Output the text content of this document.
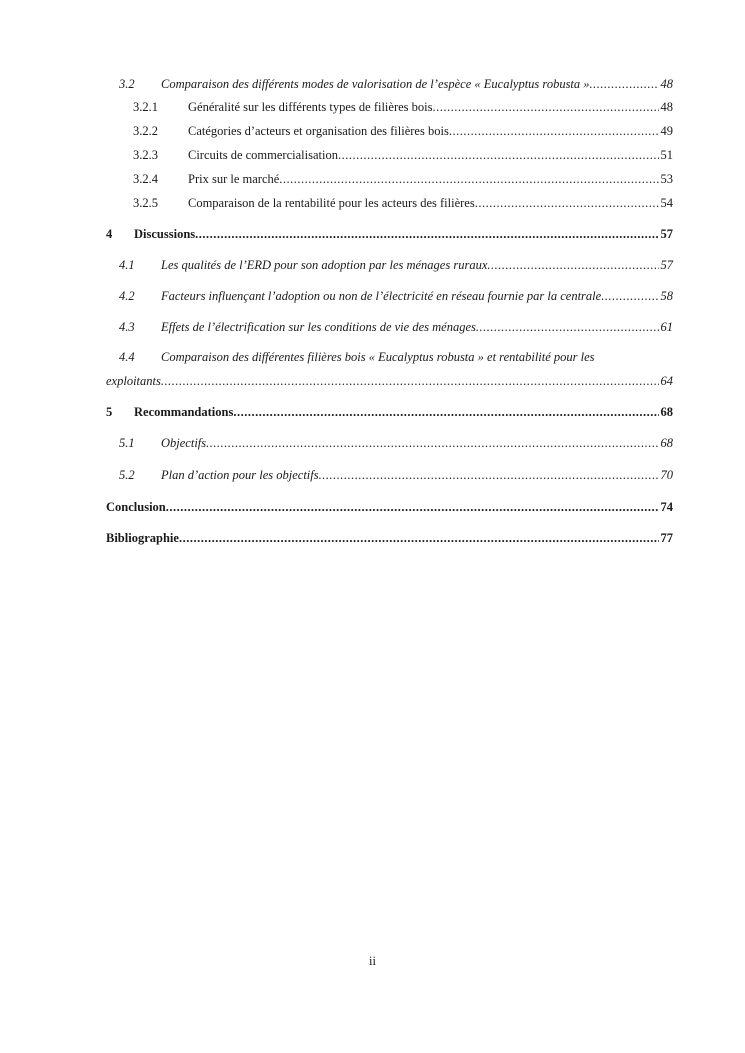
3.2	Comparaison des différents modes de valorisation de l’espèce « Eucalyptus robusta » .....	48
3.2.1	Généralité sur les différents types de filières bois .....	48
3.2.2	Catégories d’acteurs et organisation des filières bois .....	49
3.2.3	Circuits de commercialisation .....	51
3.2.4	Prix sur le marché .....	53
3.2.5	Comparaison de la rentabilité pour les acteurs des filières .....	54
4	Discussions .....	57
4.1	Les qualités de l’ERD pour son adoption par les ménages ruraux .....	57
4.2	Facteurs influençant l’adoption ou non de l’électricité en réseau fournie par la centrale .....	58
4.3	Effets de l’électrification sur les conditions de vie des ménages .....	61
4.4 Comparaison des différentes filières bois « Eucalyptus robusta » et rentabilité pour les
exploitants .....	64
5	Recommandations .....	68
5.1	Objectifs .....	68
5.2	Plan d’action pour les objectifs .....	70
Conclusion .....	74
Bibliographie .....	77
ii
